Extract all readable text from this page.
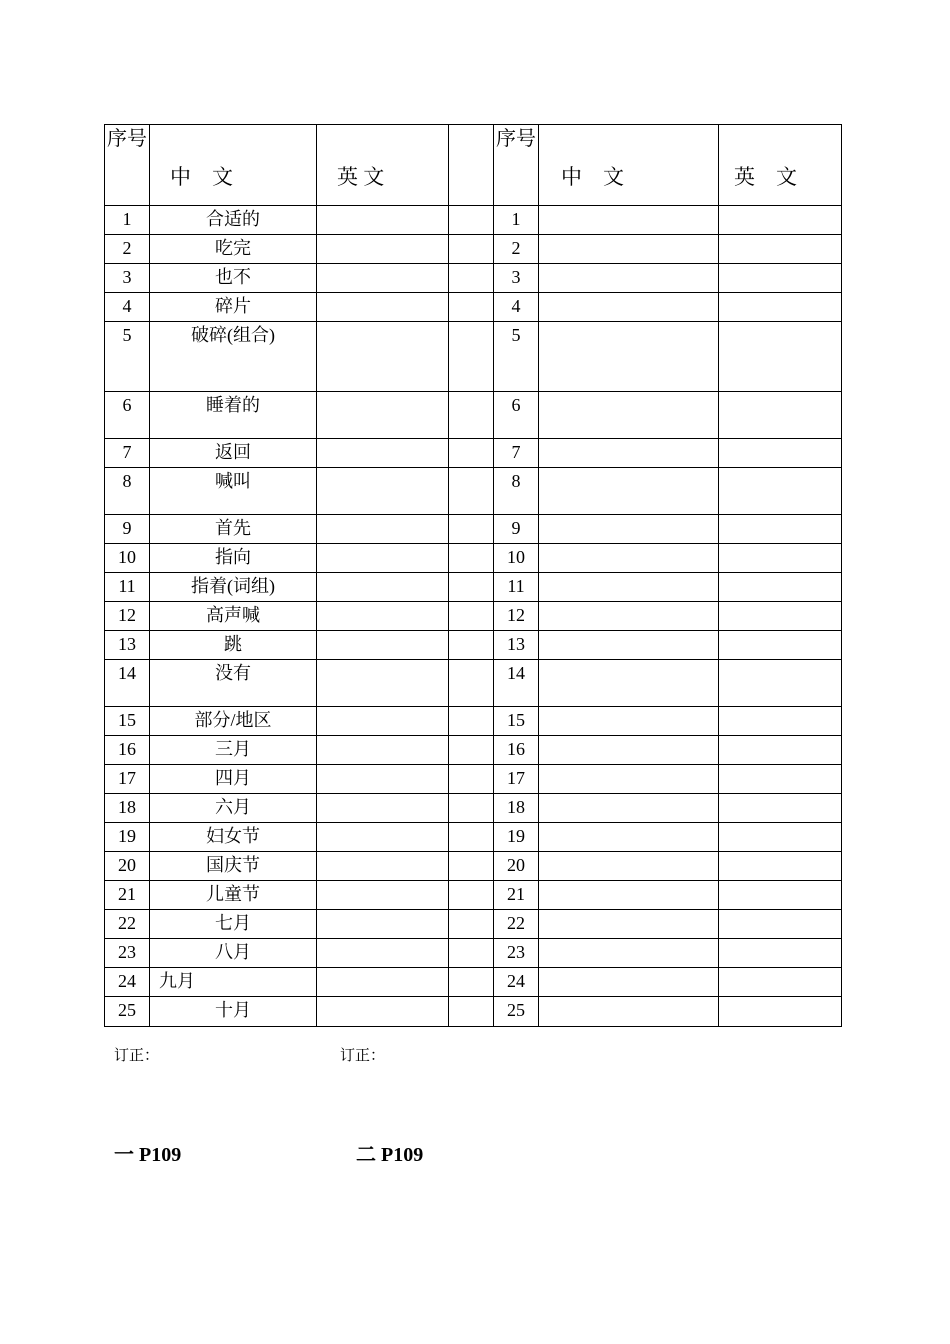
序号	中　文	英 文		序号	中　文	英　文
1	合适的			1		
2	吃完			2		
3	也不			3		
4	碎片			4		
5	破碎(组合)			5		
6	睡着的			6		
7	返回			7		
8	喊叫			8		
9	首先			9		
10	指向			10		
11	指着(词组)			11		
12	高声喊			12		
13	跳			13		
14	没有			14		
15	部分/地区			15		
16	三月			16		
17	四月			17		
18	六月			18		
19	妇女节			19		
20	国庆节			20		
21	儿童节			21		
22	七月			22		
23	八月			23		
24	九月			24		
25	十月			25		
订正：	订正：
一 P109	二 P109
